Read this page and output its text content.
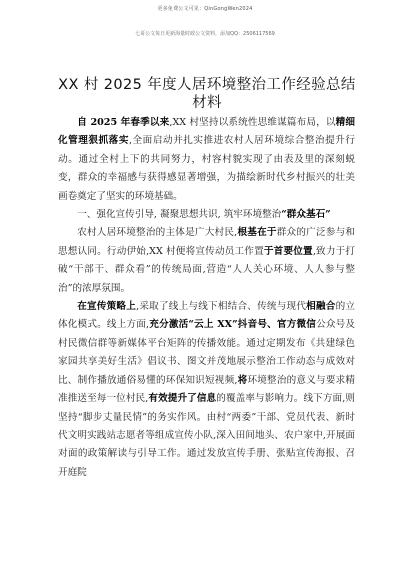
更多免费公文可见：QinGongWen2024
七哥公文每日更新海量时政公文资料，添加QQ：2506117569
XX 村 2025 年度人居环境整治工作经验总结材料

自 2025 年春季以来,XX 村坚持以系统性思维谋篇布局，以精细化管理狠抓落实,全面启动并扎实推进农村人居环境综合整治提升行动。通过全村上下的共同努力，村容村貌实现了由表及里的深刻蜕变，群众的幸福感与获得感显著增强，为描绘新时代乡村振兴的壮美画卷奠定了坚实的环境基础。

一、强化宣传引导, 凝聚思想共识, 筑牢环境整治“群众基石”

农村人居环境整治的主体是广大村民,根基在于群众的广泛参与和思想认同。行动伊始,XX 村便将宣传动员工作置于首要位置,致力于打破“干部干、群众看”的传统局面,营造“人人关心环境、人人参与整治”的浓厚氛围。

在宣传策略上,采取了线上与线下相结合、传统与现代相融合的立体化模式。线上方面,充分激活“云上 XX”抖音号、官方微信公众号及村民微信群等新媒体平台矩阵的传播效能。通过定期发布《共建绿色家园共享美好生活》倡议书、图文并茂地展示整治工作动态与成效对比、制作播放通俗易懂的环保知识短视频,将环境整治的意义与要求精准推送至每一位村民,有效提升了信息的覆盖率与影响力。线下方面,则坚持“脚步丈量民情”的务实作风。由村“两委”干部、党员代表、新时代文明实践站志愿者等组成宣传小队,深入田间地头、农户家中,开展面对面的政策解读与引导工作。通过发放宣传手册、张贴宣传海报、召开庭院
